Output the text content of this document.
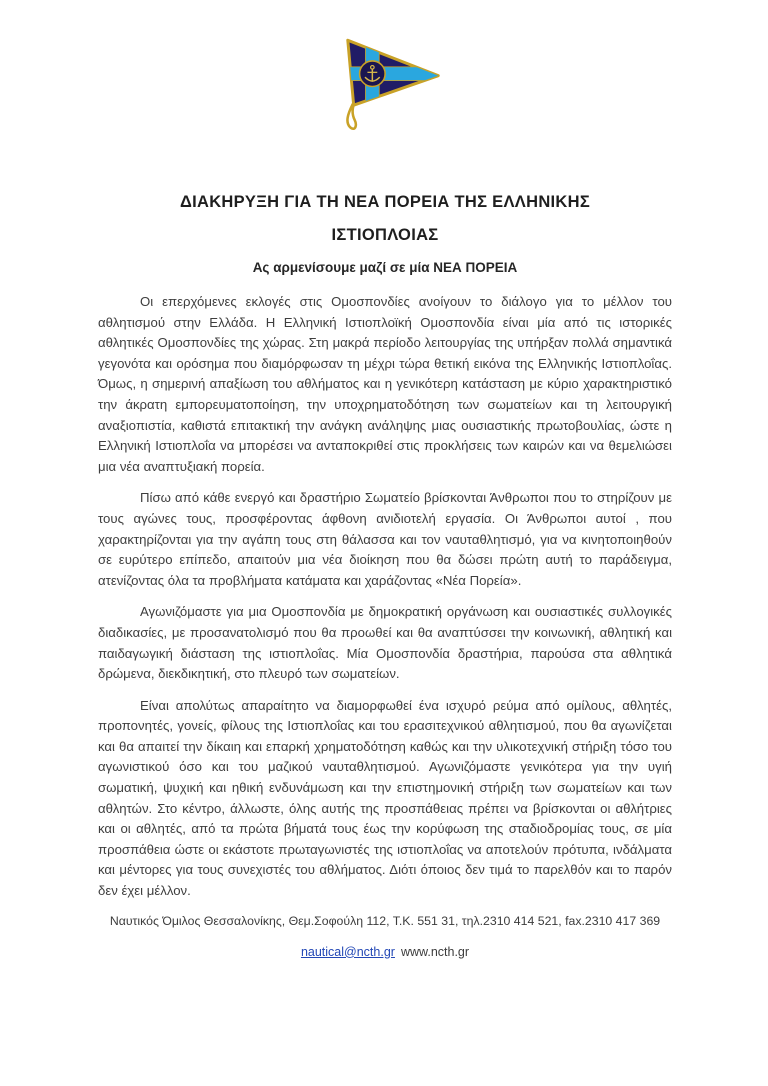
ΔΙΑΚΗΡΥΞΗ ΓΙΑ ΤΗ ΝΕΑ ΠΟΡΕΙΑ ΤΗΣ ΕΛΛΗΝΙΚΗΣ
ΙΣΤΙΟΠΛΟΙΑΣ
Ας αρμενίσουμε μαζί σε μία ΝΕΑ ΠΟΡΕΙΑ

Οι επερχόμενες εκλογές στις Ομοσπονδίες ανοίγουν το διάλογο για το μέλλον του αθλητισμού στην Ελλάδα. Η Ελληνική Ιστιοπλοϊκή Ομοσπονδία είναι μία από τις ιστορικές αθλητικές Ομοσπονδίες της χώρας. Στη μακρά περίοδο λειτουργίας της υπήρξαν πολλά σημαντικά γεγονότα και ορόσημα που διαμόρφωσαν τη μέχρι τώρα θετική εικόνα της Ελληνικής Ιστιοπλοΐας. Όμως, η σημερινή απαξίωση του αθλήματος και η γενικότερη κατάσταση με κύριο χαρακτηριστικό την άκρατη εμπορευματοποίηση, την υποχρηματοδότηση των σωματείων και τη λειτουργική αναξιοπιστία, καθιστά επιτακτική την ανάγκη ανάληψης μιας ουσιαστικής πρωτοβουλίας, ώστε η Ελληνική Ιστιοπλοΐα να μπορέσει να ανταποκριθεί στις προκλήσεις των καιρών και να θεμελιώσει μια νέα αναπτυξιακή πορεία.

Πίσω από κάθε ενεργό και δραστήριο Σωματείο βρίσκονται Άνθρωποι που το στηρίζουν με τους αγώνες τους, προσφέροντας άφθονη ανιδιοτελή εργασία. Οι Άνθρωποι αυτοί , που χαρακτηρίζονται για την αγάπη τους στη θάλασσα και τον ναυταθλητισμό, για να κινητοποιηθούν σε ευρύτερο επίπεδο, απαιτούν μια νέα διοίκηση που θα δώσει πρώτη αυτή το παράδειγμα, ατενίζοντας όλα τα προβλήματα κατάματα και χαράζοντας «Νέα Πορεία».

Αγωνιζόμαστε για μια Ομοσπονδία με δημοκρατική οργάνωση και ουσιαστικές συλλογικές διαδικασίες, με προσανατολισμό που θα προωθεί και θα αναπτύσσει την κοινωνική, αθλητική και παιδαγωγική διάσταση της ιστιοπλοΐας. Μία Ομοσπονδία δραστήρια, παρούσα στα αθλητικά δρώμενα, διεκδικητική, στο πλευρό των σωματείων.

Είναι απολύτως απαραίτητο να διαμορφωθεί ένα ισχυρό ρεύμα από ομίλους, αθλητές, προπονητές, γονείς, φίλους της Ιστιοπλοΐας και του ερασιτεχνικού αθλητισμού, που θα αγωνίζεται και θα απαιτεί την δίκαιη και επαρκή χρηματοδότηση καθώς και την υλικοτεχνική στήριξη τόσο του αγωνιστικού όσο και του μαζικού ναυταθλητισμού. Αγωνιζόμαστε γενικότερα για την υγιή σωματική, ψυχική και ηθική ενδυνάμωση και την επιστημονική στήριξη των σωματείων και των αθλητών. Στο κέντρο, άλλωστε, όλης αυτής της προσπάθειας πρέπει να βρίσκονται οι αθλήτριες και οι αθλητές, από τα πρώτα βήματά τους έως την κορύφωση της σταδιοδρομίας τους, σε μία προσπάθεια ώστε οι εκάστοτε πρωταγωνιστές της ιστιοπλοΐας να αποτελούν πρότυπα, ινδάλματα και μέντορες για τους συνεχιστές του αθλήματος. Διότι όποιος δεν τιμά το παρελθόν και το παρόν δεν έχει μέλλον.

Ναυτικός Όμιλος Θεσσαλονίκης, Θεμ.Σοφούλη 112, Τ.Κ. 551 31, τηλ.2310 414 521, fax.2310 417 369
nautical@ncth.gr www.ncth.gr
